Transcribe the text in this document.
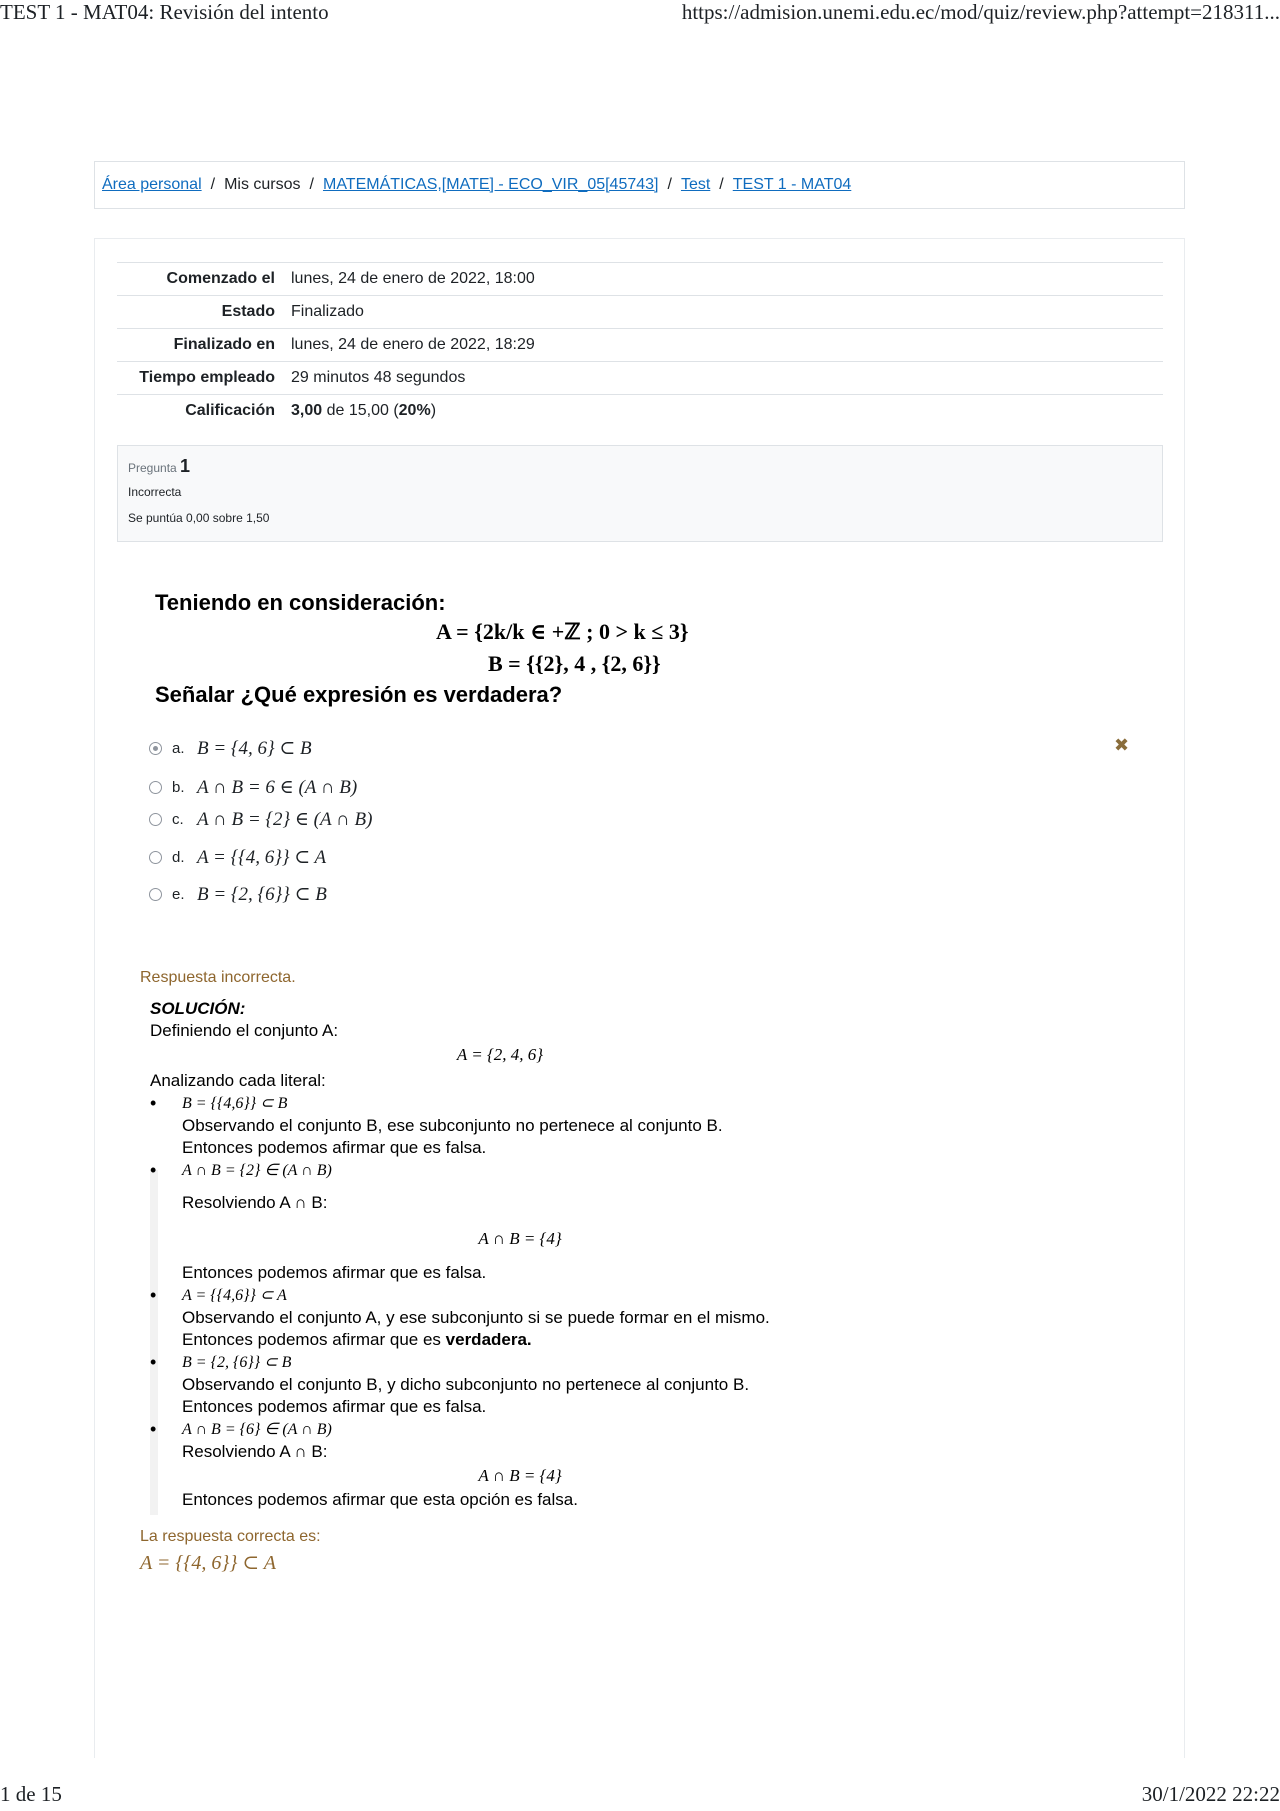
TEST 1 - MAT04: Revisión del intento	https://admision.unemi.edu.ec/mod/quiz/review.php?attempt=218311...
Área personal / Mis cursos / MATEMÁTICAS,[MATE] - ECO_VIR_05[45743] / Test / TEST 1 - MAT04
Comenzado el	lunes, 24 de enero de 2022, 18:00
Estado	Finalizado
Finalizado en	lunes, 24 de enero de 2022, 18:29
Tiempo empleado	29 minutos 48 segundos
Calificación	3,00 de 15,00 (20%)
Pregunta 1
Incorrecta
Se puntúa 0,00 sobre 1,50
Teniendo en consideración:
A = {2k/k ∈ +ℤ ; 0 > k ≤ 3}
B = {{2}, 4 , {2, 6}}
Señalar ¿Qué expresión es verdadera?
a. B = {4, 6} ⊂ B	✖
b. A ∩ B = 6 ∈ (A ∩ B)
c. A ∩ B = {2} ∈ (A ∩ B)
d. A = {{4, 6}} ⊂ A
e. B = {2, {6}} ⊂ B
Respuesta incorrecta.
SOLUCIÓN:
Definiendo el conjunto A:
A = {2, 4, 6}
Analizando cada literal:
• B = {{4,6}} ⊂ B
Observando el conjunto B, ese subconjunto no pertenece al conjunto B.
Entonces podemos afirmar que es falsa.
• A ∩ B = {2} ∈ (A ∩ B)
Resolviendo A ∩ B:
A ∩ B = {4}
Entonces podemos afirmar que es falsa.
• A = {{4,6}} ⊂ A
Observando el conjunto A, y ese subconjunto si se puede formar en el mismo.
Entonces podemos afirmar que es verdadera.
• B = {2, {6}} ⊂ B
Observando el conjunto B, y dicho subconjunto no pertenece al conjunto B.
Entonces podemos afirmar que es falsa.
• A ∩ B = {6} ∈ (A ∩ B)
Resolviendo A ∩ B:
A ∩ B = {4}
Entonces podemos afirmar que esta opción es falsa.
La respuesta correcta es:
A = {{4, 6}} ⊂ A
1 de 15	30/1/2022 22:22
